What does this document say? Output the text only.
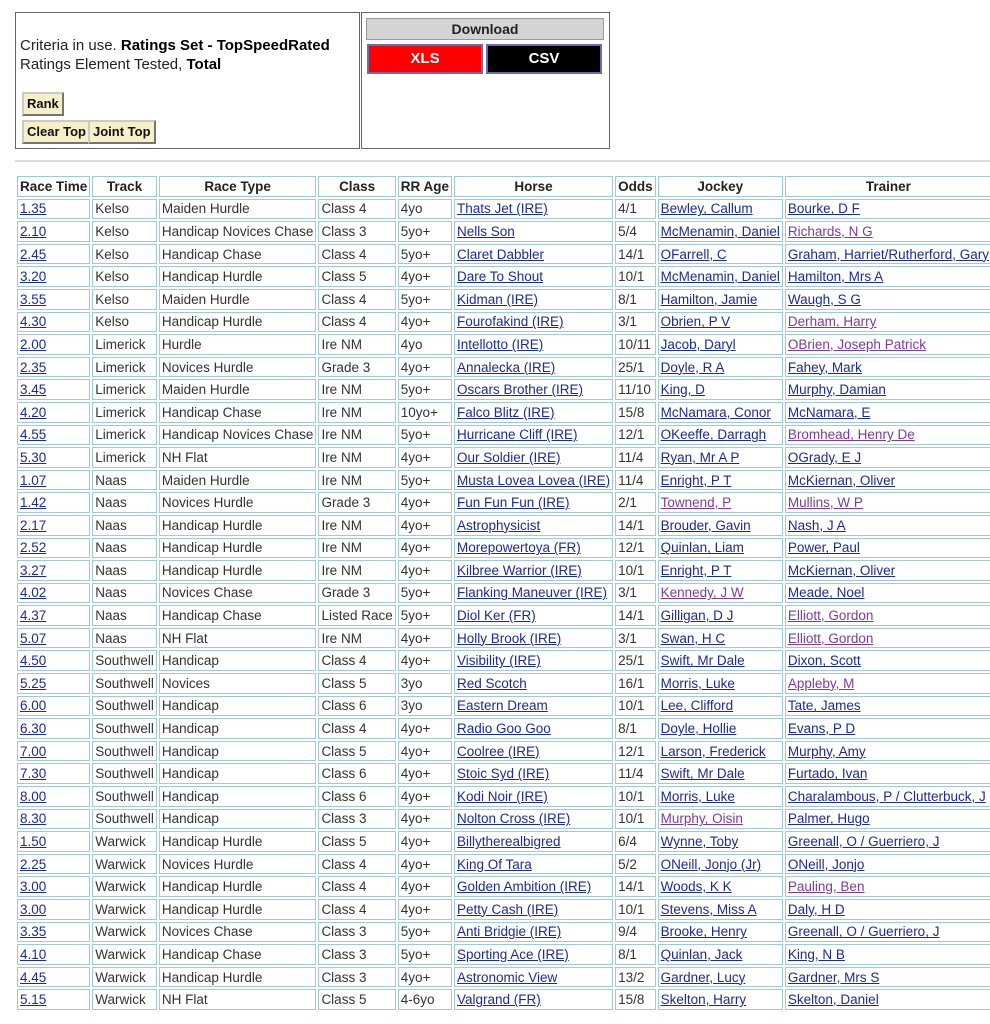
Criteria in use. Ratings Set - TopSpeedRated
Ratings Element Tested, Total
Rank
Clear Top Joint Top
Download
XLS	CSV
Race Time	Track	Race Type	Class	RR Age	Horse	Odds	Jockey	Trainer	
1.35	Kelso	Maiden Hurdle	Class 4	4yo	Thats Jet (IRE)	4/1	Bewley, Callum	Bourke, D F	
2.10	Kelso	Handicap Novices Chase	Class 3	5yo+	Nells Son	5/4	McMenamin, Daniel	Richards, N G	
2.45	Kelso	Handicap Chase	Class 4	5yo+	Claret Dabbler	14/1	OFarrell, C	Graham, Harriet/Rutherford, Gary	
3.20	Kelso	Handicap Hurdle	Class 5	4yo+	Dare To Shout	10/1	McMenamin, Daniel	Hamilton, Mrs A	
3.55	Kelso	Maiden Hurdle	Class 4	5yo+	Kidman (IRE)	8/1	Hamilton, Jamie	Waugh, S G	
4.30	Kelso	Handicap Hurdle	Class 4	4yo+	Fourofakind (IRE)	3/1	Obrien, P V	Derham, Harry	
2.00	Limerick	Hurdle	Ire NM	4yo	Intellotto (IRE)	10/11	Jacob, Daryl	OBrien, Joseph Patrick	
2.35	Limerick	Novices Hurdle	Grade 3	4yo+	Annalecka (IRE)	25/1	Doyle, R A	Fahey, Mark	
3.45	Limerick	Maiden Hurdle	Ire NM	5yo+	Oscars Brother (IRE)	11/10	King, D	Murphy, Damian	
4.20	Limerick	Handicap Chase	Ire NM	10yo+	Falco Blitz (IRE)	15/8	McNamara, Conor	McNamara, E	
4.55	Limerick	Handicap Novices Chase	Ire NM	5yo+	Hurricane Cliff (IRE)	12/1	OKeeffe, Darragh	Bromhead, Henry De	
5.30	Limerick	NH Flat	Ire NM	4yo+	Our Soldier (IRE)	11/4	Ryan, Mr A P	OGrady, E J	
1.07	Naas	Maiden Hurdle	Ire NM	5yo+	Musta Lovea Lovea (IRE)	11/4	Enright, P T	McKiernan, Oliver	
1.42	Naas	Novices Hurdle	Grade 3	4yo+	Fun Fun Fun (IRE)	2/1	Townend, P	Mullins, W P	
2.17	Naas	Handicap Hurdle	Ire NM	4yo+	Astrophysicist	14/1	Brouder, Gavin	Nash, J A	
2.52	Naas	Handicap Hurdle	Ire NM	4yo+	Morepowertoya (FR)	12/1	Quinlan, Liam	Power, Paul	
3.27	Naas	Handicap Hurdle	Ire NM	4yo+	Kilbree Warrior (IRE)	10/1	Enright, P T	McKiernan, Oliver	
4.02	Naas	Novices Chase	Grade 3	5yo+	Flanking Maneuver (IRE)	3/1	Kennedy, J W	Meade, Noel	
4.37	Naas	Handicap Chase	Listed Race	5yo+	Diol Ker (FR)	14/1	Gilligan, D J	Elliott, Gordon	
5.07	Naas	NH Flat	Ire NM	4yo+	Holly Brook (IRE)	3/1	Swan, H C	Elliott, Gordon	
4.50	Southwell	Handicap	Class 4	4yo+	Visibility (IRE)	25/1	Swift, Mr Dale	Dixon, Scott	
5.25	Southwell	Novices	Class 5	3yo	Red Scotch	16/1	Morris, Luke	Appleby, M	
6.00	Southwell	Handicap	Class 6	3yo	Eastern Dream	10/1	Lee, Clifford	Tate, James	
6.30	Southwell	Handicap	Class 4	4yo+	Radio Goo Goo	8/1	Doyle, Hollie	Evans, P D	
7.00	Southwell	Handicap	Class 5	4yo+	Coolree (IRE)	12/1	Larson, Frederick	Murphy, Amy	
7.30	Southwell	Handicap	Class 6	4yo+	Stoic Syd (IRE)	11/4	Swift, Mr Dale	Furtado, Ivan	
8.00	Southwell	Handicap	Class 6	4yo+	Kodi Noir (IRE)	10/1	Morris, Luke	Charalambous, P / Clutterbuck, J	
8.30	Southwell	Handicap	Class 3	4yo+	Nolton Cross (IRE)	10/1	Murphy, Oisin	Palmer, Hugo	
1.50	Warwick	Handicap Hurdle	Class 5	4yo+	Billytherealbigred	6/4	Wynne, Toby	Greenall, O / Guerriero, J	
2.25	Warwick	Novices Hurdle	Class 4	4yo+	King Of Tara	5/2	ONeill, Jonjo (Jr)	ONeill, Jonjo	
3.00	Warwick	Handicap Hurdle	Class 4	4yo+	Golden Ambition (IRE)	14/1	Woods, K K	Pauling, Ben	
3.00	Warwick	Handicap Hurdle	Class 4	4yo+	Petty Cash (IRE)	10/1	Stevens, Miss A	Daly, H D	
3.35	Warwick	Novices Chase	Class 3	5yo+	Anti Bridgie (IRE)	9/4	Brooke, Henry	Greenall, O / Guerriero, J	
4.10	Warwick	Handicap Chase	Class 3	5yo+	Sporting Ace (IRE)	8/1	Quinlan, Jack	King, N B	
4.45	Warwick	Handicap Hurdle	Class 3	4yo+	Astronomic View	13/2	Gardner, Lucy	Gardner, Mrs S	
5.15	Warwick	NH Flat	Class 5	4-6yo	Valgrand (FR)	15/8	Skelton, Harry	Skelton, Daniel	
